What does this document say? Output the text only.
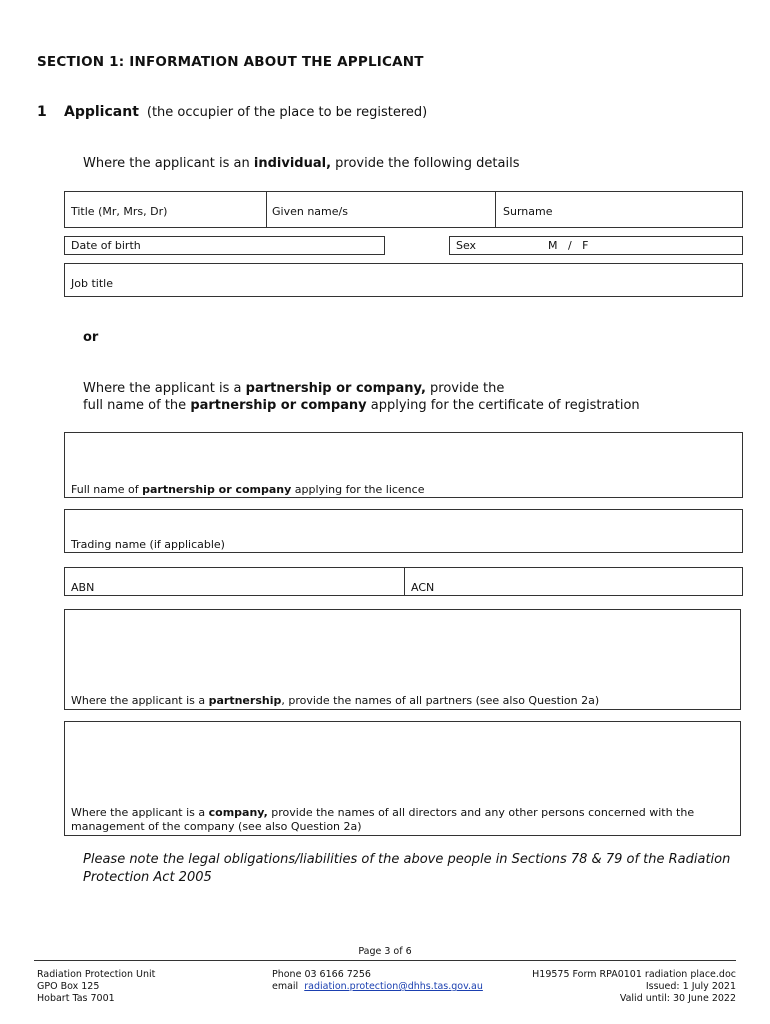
SECTION 1: INFORMATION ABOUT THE APPLICANT
1 Applicant (the occupier of the place to be registered)
Where the applicant is an individual, provide the following details
Title (Mr, Mrs, Dr)	Given name/s	Surname
Date of birth	Sex	M   /   F
Job title
or
Where the applicant is a partnership or company, provide the
full name of the partnership or company applying for the certificate of registration
Full name of partnership or company applying for the licence
Trading name (if applicable)
ABN	ACN
Where the applicant is a partnership, provide the names of all partners (see also Question 2a)
Where the applicant is a company, provide the names of all directors and any other persons concerned with the management of the company (see also Question 2a)
Please note the legal obligations/liabilities of the above people in Sections 78 & 79 of the Radiation Protection Act 2005
Page 3 of 6
Radiation Protection Unit
GPO Box 125
Hobart Tas 7001
Phone 03 6166 7256
email  radiation.protection@dhhs.tas.gov.au
H19575 Form RPA0101 radiation place.doc
Issued: 1 July 2021
Valid until: 30 June 2022
